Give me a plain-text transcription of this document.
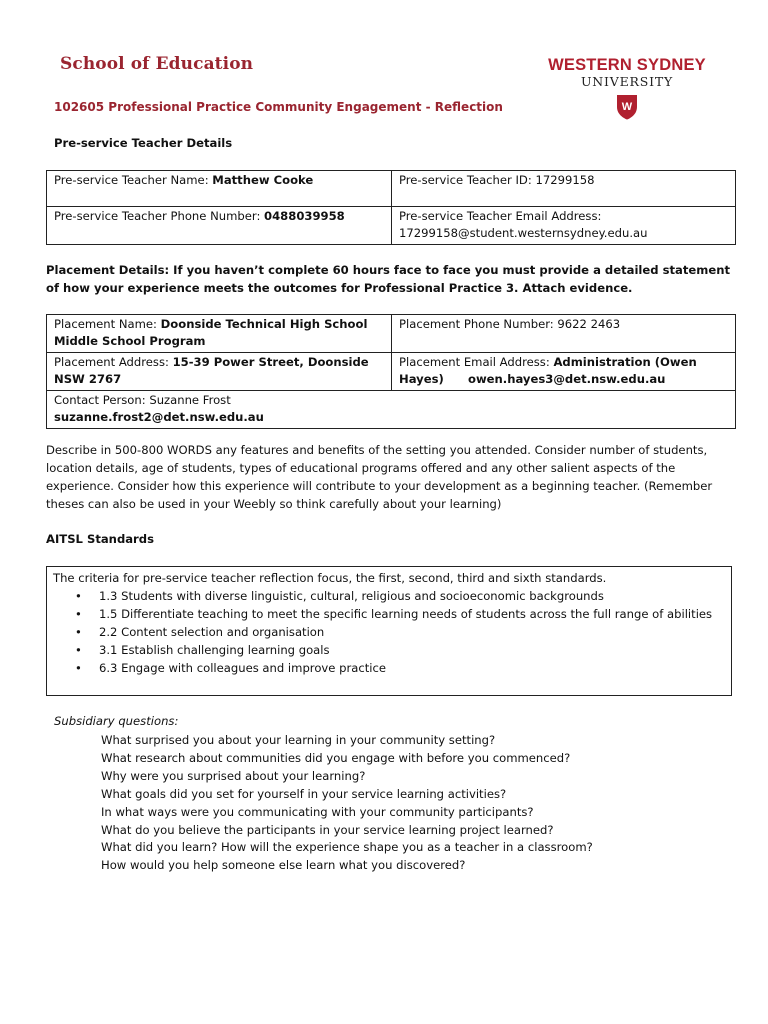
School of Education
102605 Professional Practice Community Engagement - Reflection
WESTERN SYDNEY
UNIVERSITY
W
Pre-service Teacher Details
Pre-service Teacher Name: Matthew Cooke	Pre-service Teacher ID: 17299158
Pre-service Teacher Phone Number: 0488039958	Pre-service Teacher Email Address:
17299158@student.westernsydney.edu.au
Placement Details: If you haven’t complete 60 hours face to face you must provide a detailed statement of how your experience meets the outcomes for Professional Practice 3. Attach evidence.
Placement Name: Doonside Technical High School Middle School Program	Placement Phone Number: 9622 2463
Placement Address: 15-39 Power Street, Doonside NSW 2767	Placement Email Address: Administration (Owen Hayes)      owen.hayes3@det.nsw.edu.au

Contact Person: Suzanne Frost
suzanne.frost2@det.nsw.edu.au	
Describe in 500-800 WORDS any features and benefits of the setting you attended. Consider number of students, location details, age of students, types of educational programs offered and any other salient aspects of the experience. Consider how this experience will contribute to your development as a beginning teacher. (Remember theses can also be used in your Weebly so think carefully about your learning)
AITSL Standards
The criteria for pre-service teacher reflection focus, the first, second, third and sixth standards.
• 1.3 Students with diverse linguistic, cultural, religious and socioeconomic backgrounds
• 1.5 Differentiate teaching to meet the specific learning needs of students across the full range of abilities
• 2.2 Content selection and organisation
• 3.1 Establish challenging learning goals
• 6.3 Engage with colleagues and improve practice
Subsidiary questions:
What surprised you about your learning in your community setting?
What research about communities did you engage with before you commenced?
Why were you surprised about your learning?
What goals did you set for yourself in your service learning activities?
In what ways were you communicating with your community participants?
What do you believe the participants in your service learning project learned?
What did you learn? How will the experience shape you as a teacher in a classroom?
How would you help someone else learn what you discovered?
